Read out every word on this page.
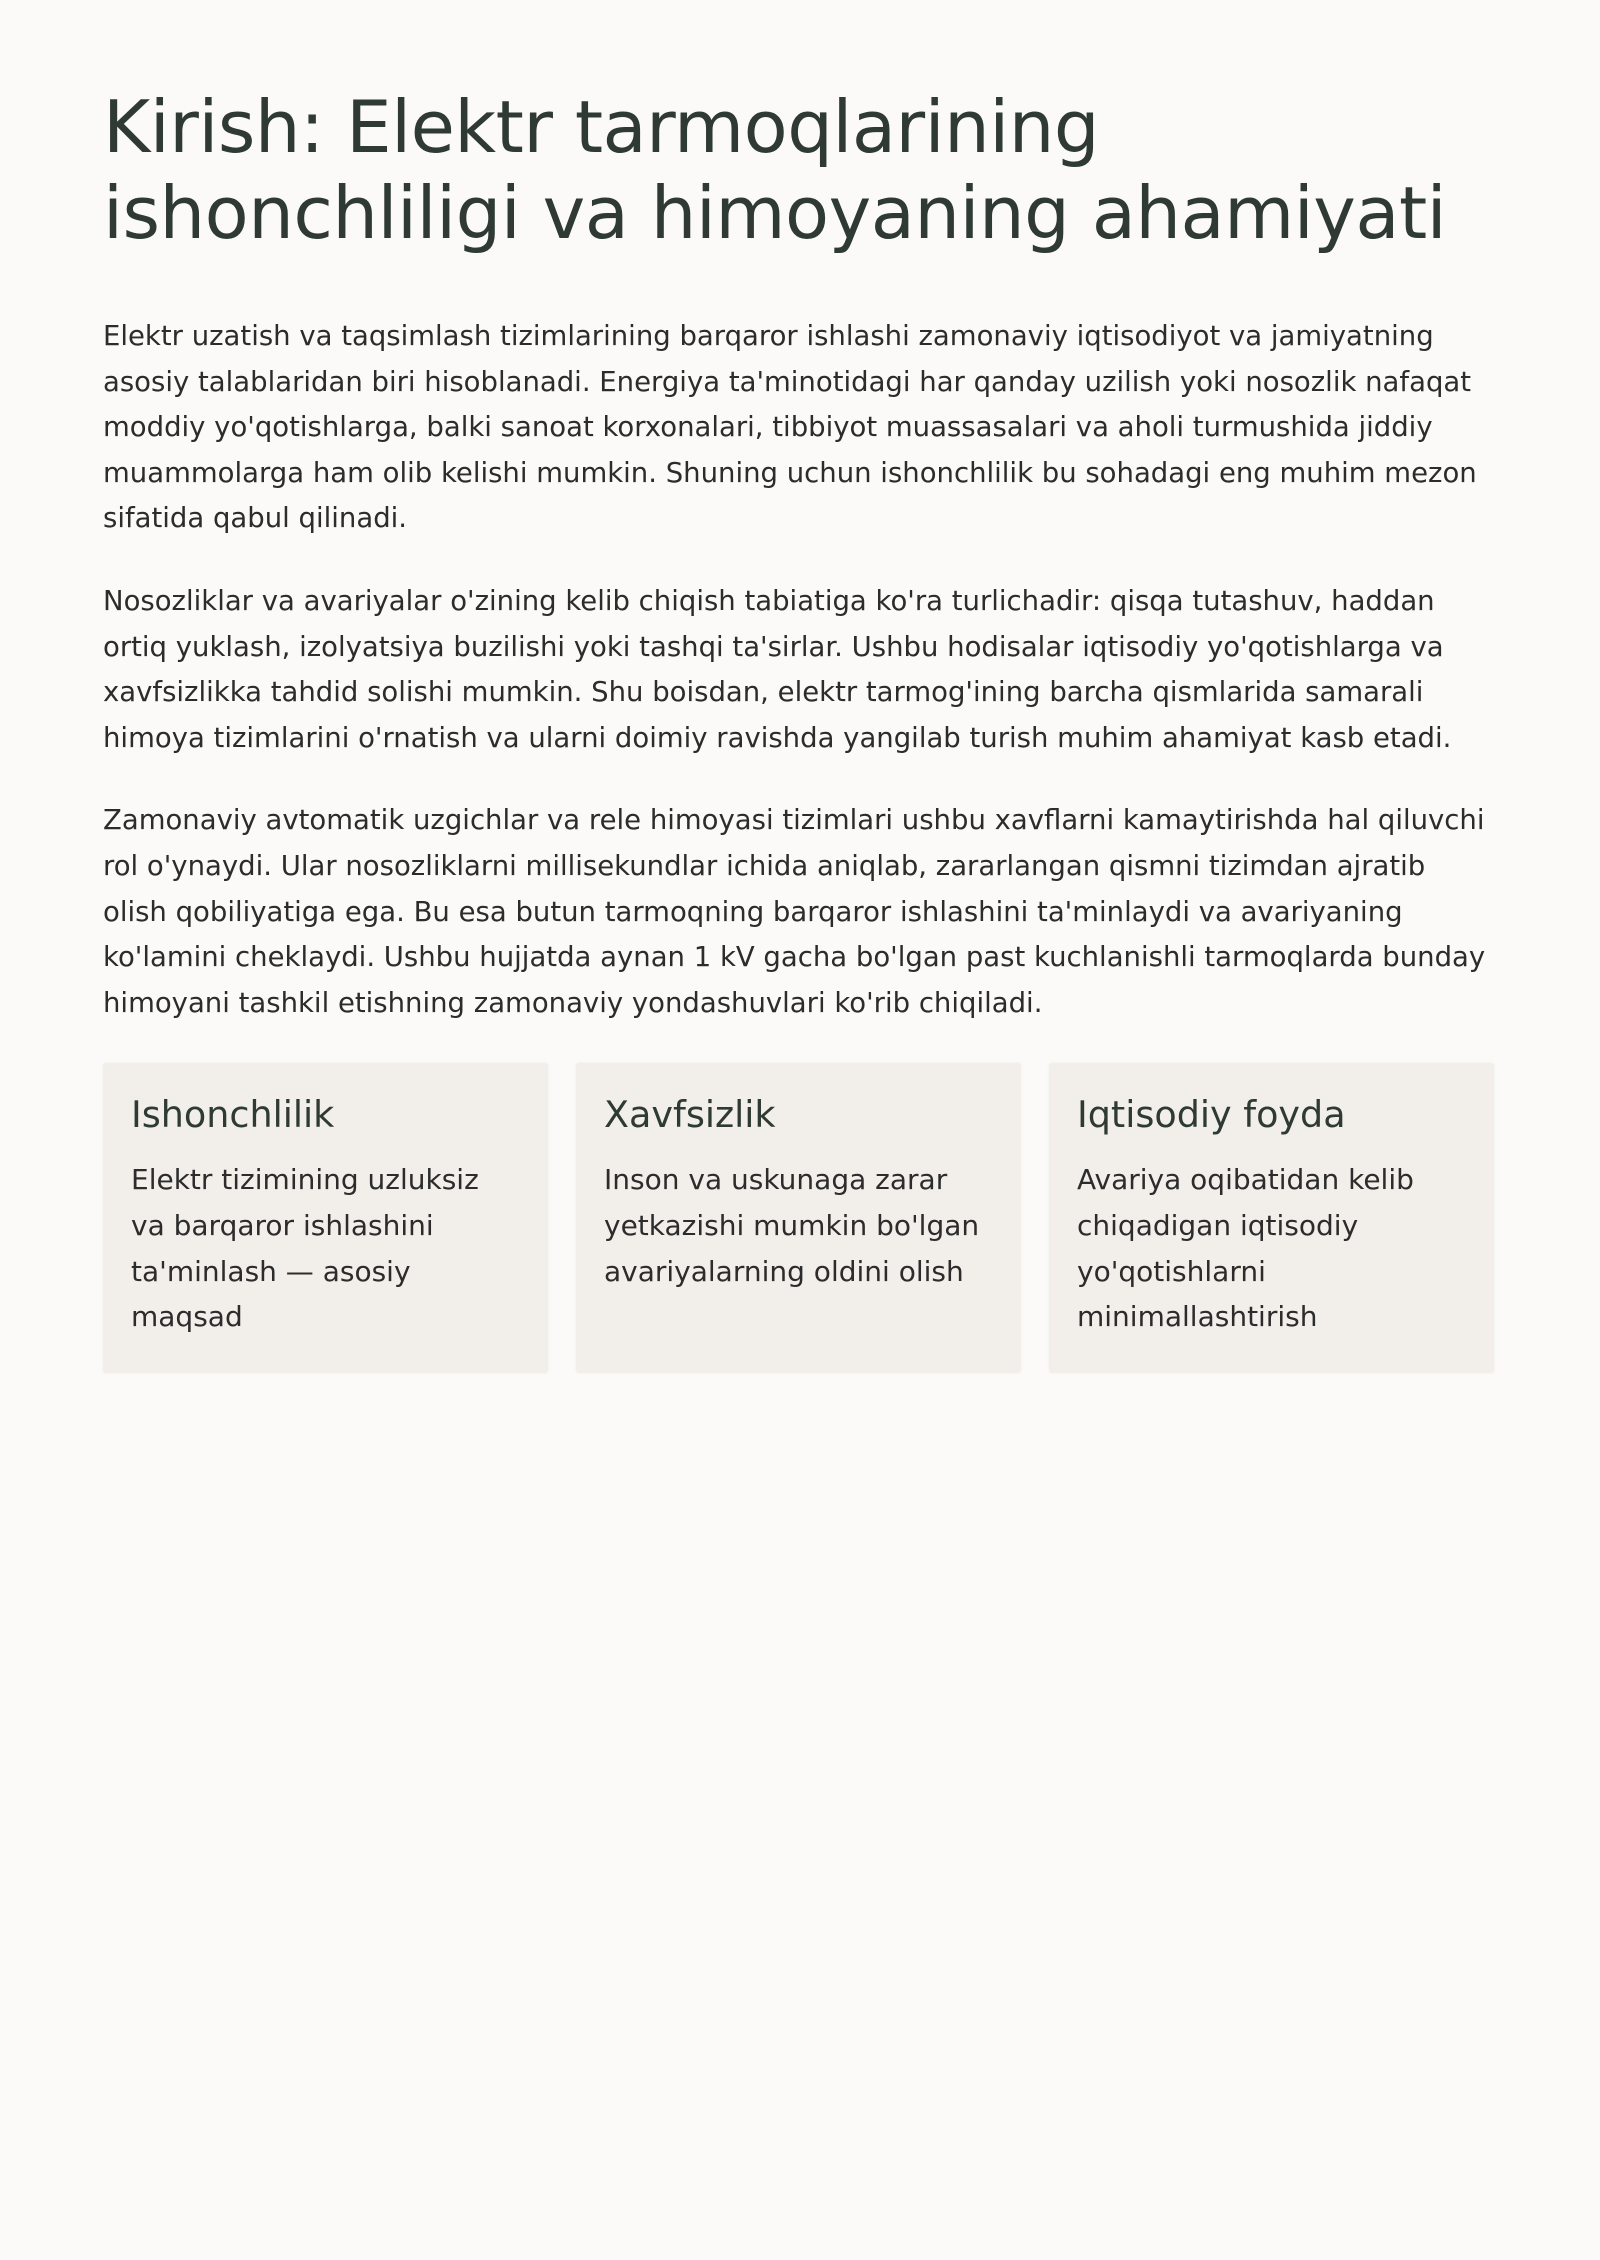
Kirish: Elektr tarmoqlarining ishonchliligi va himoyaning ahamiyati

Elektr uzatish va taqsimlash tizimlarining barqaror ishlashi zamonaviy iqtisodiyot va jamiyatning asosiy talablaridan biri hisoblanadi. Energiya ta'minotidagi har qanday uzilish yoki nosozlik nafaqat moddiy yo'qotishlarga, balki sanoat korxonalari, tibbiyot muassasalari va aholi turmushida jiddiy muammolarga ham olib kelishi mumkin. Shuning uchun ishonchlilik bu sohadagi eng muhim mezon sifatida qabul qilinadi.

Nosozliklar va avariyalar o'zining kelib chiqish tabiatiga ko'ra turlichadir: qisqa tutashuv, haddan ortiq yuklash, izolyatsiya buzilishi yoki tashqi ta'sirlar. Ushbu hodisalar iqtisodiy yo'qotishlarga va xavfsizlikka tahdid solishi mumkin. Shu boisdan, elektr tarmog'ining barcha qismlarida samarali himoya tizimlarini o'rnatish va ularni doimiy ravishda yangilab turish muhim ahamiyat kasb etadi.

Zamonaviy avtomatik uzgichlar va rele himoyasi tizimlari ushbu xavflarni kamaytirishda hal qiluvchi rol o'ynaydi. Ular nosozliklarni millisekundlar ichida aniqlab, zararlangan qismni tizimdan ajratib olish qobiliyatiga ega. Bu esa butun tarmoqning barqaror ishlashini ta'minlaydi va avariyaning ko'lamini cheklaydi. Ushbu hujjatda aynan 1 kV gacha bo'lgan past kuchlanishli tarmoqlarda bunday himoyani tashkil etishning zamonaviy yondashuvlari ko'rib chiqiladi.

Ishonchlilik

Elektr tizimining uzluksiz va barqaror ishlashini ta'minlash — asosiy maqsad

Xavfsizlik

Inson va uskunaga zarar yetkazishi mumkin bo'lgan avariyalarning oldini olish

Iqtisodiy foyda

Avariya oqibatidan kelib chiqadigan iqtisodiy yo'qotishlarni minimallashtirish
